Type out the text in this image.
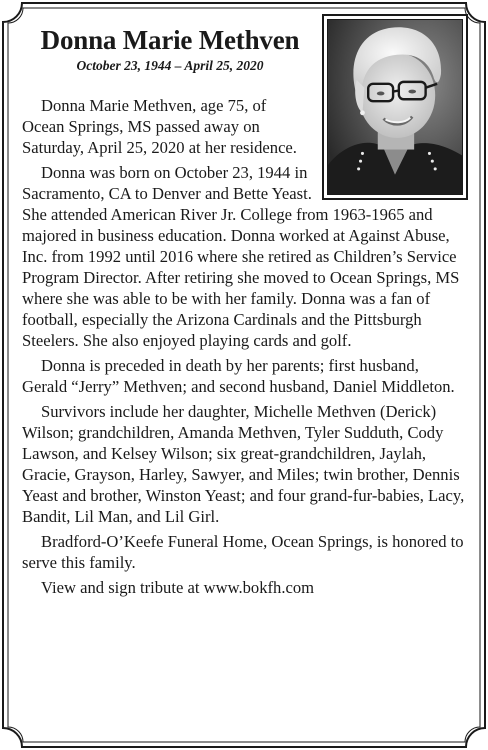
Donna Marie Methven
October 23, 1944 – April 25, 2020

Donna Marie Methven, age 75, of Ocean Springs, MS passed away on Saturday, April 25, 2020 at her residence.

Donna was born on October 23, 1944 in Sacramento, CA to Denver and Bette Yeast. She attended American River Jr. College from 1963-1965 and majored in business education. Donna worked at Against Abuse, Inc. from 1992 until 2016 where she retired as Children’s Service Program Director. After retiring she moved to Ocean Springs, MS where she was able to be with her family. Donna was a fan of football, especially the Arizona Cardinals and the Pittsburgh Steelers. She also enjoyed playing cards and golf.

Donna is preceded in death by her parents; first husband, Gerald “Jerry” Methven; and second husband, Daniel Middleton.

Survivors include her daughter, Michelle Methven (Derick) Wilson; grandchildren, Amanda Methven, Tyler Sudduth, Cody Lawson, and Kelsey Wilson; six great-grandchildren, Jaylah, Gracie, Grayson, Harley, Sawyer, and Miles; twin brother, Dennis Yeast and brother, Winston Yeast; and four grand-fur-babies, Lacy, Bandit, Lil Man, and Lil Girl.

Bradford-O’Keefe Funeral Home, Ocean Springs, is honored to serve this family.

View and sign tribute at www.bokfh.com
